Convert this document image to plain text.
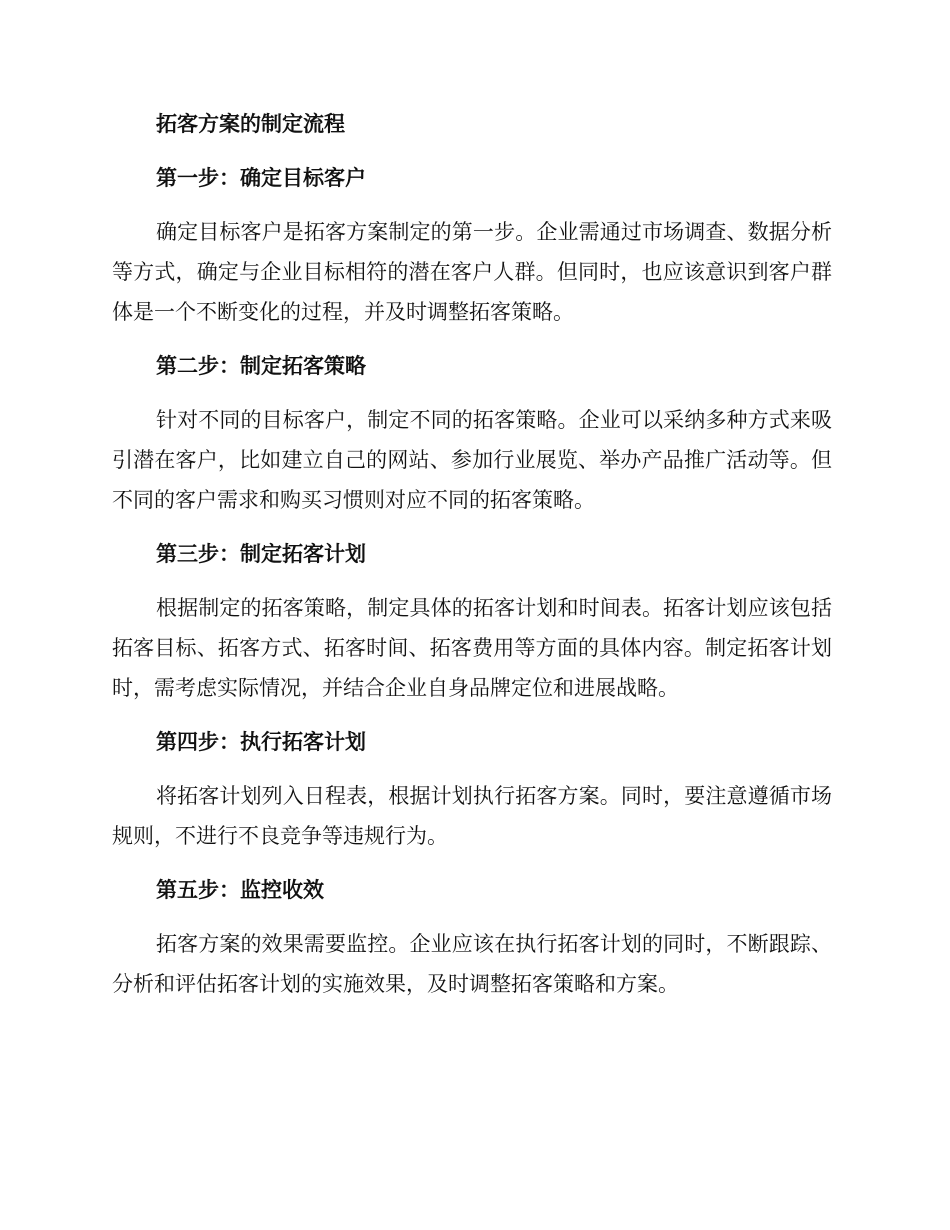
拓客方案的制定流程
第一步：确定目标客户

确定目标客户是拓客方案制定的第一步。企业需通过市场调查、数据分析等方式，确定与企业目标相符的潜在客户人群。但同时，也应该意识到客户群体是一个不断变化的过程，并及时调整拓客策略。

第二步：制定拓客策略

针对不同的目标客户，制定不同的拓客策略。企业可以采纳多种方式来吸引潜在客户，比如建立自己的网站、参加行业展览、举办产品推广活动等。但不同的客户需求和购买习惯则对应不同的拓客策略。

第三步：制定拓客计划

根据制定的拓客策略，制定具体的拓客计划和时间表。拓客计划应该包括拓客目标、拓客方式、拓客时间、拓客费用等方面的具体内容。制定拓客计划时，需考虑实际情况，并结合企业自身品牌定位和进展战略。

第四步：执行拓客计划

将拓客计划列入日程表，根据计划执行拓客方案。同时，要注意遵循市场规则，不进行不良竞争等违规行为。

第五步：监控收效

拓客方案的效果需要监控。企业应该在执行拓客计划的同时，不断跟踪、分析和评估拓客计划的实施效果，及时调整拓客策略和方案。
